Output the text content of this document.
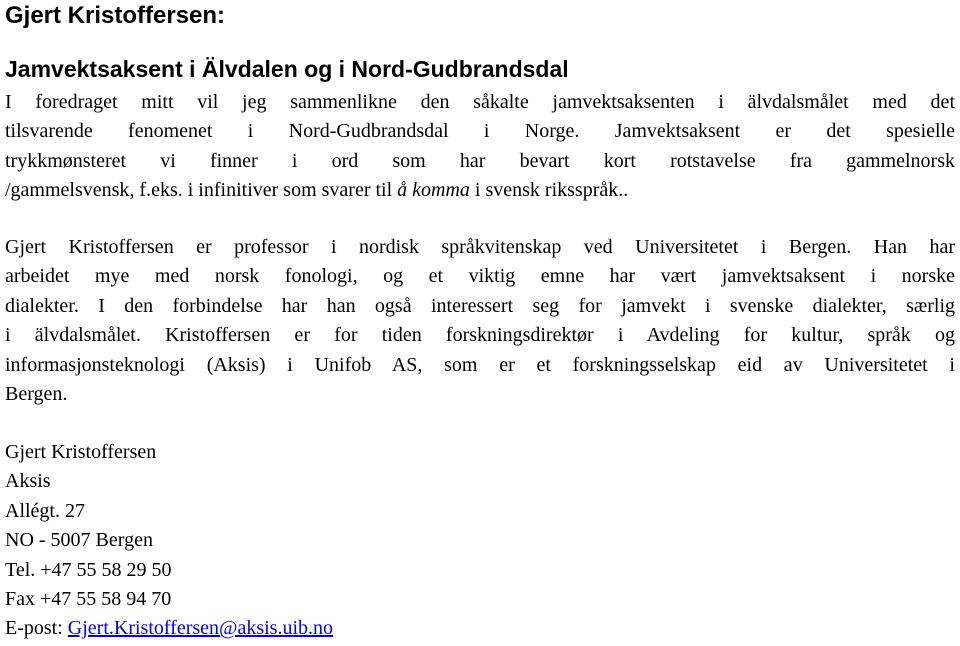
Gjert Kristoffersen:
Jamvektsaksent i Älvdalen og i Nord-Gudbrandsdal

I foredraget mitt vil jeg sammenlikne den såkalte jamvektsaksenten i älvdalsmålet med det
tilsvarende fenomenet i Nord-Gudbrandsdal i Norge. Jamvektsaksent er det spesielle
trykkmønsteret vi finner i ord som har bevart kort rotstavelse fra gammelnorsk
/gammelsvensk, f.eks. i infinitiver som svarer til å komma i svensk riksspråk..

Gjert Kristoffersen er professor i nordisk språkvitenskap ved Universitetet i Bergen. Han har
arbeidet mye med norsk fonologi, og et viktig emne har vært jamvektsaksent i norske
dialekter. I den forbindelse har han også interessert seg for jamvekt i svenske dialekter, særlig
i älvdalsmålet. Kristoffersen er for tiden forskningsdirektør i Avdeling for kultur, språk og
informasjonsteknologi (Aksis) i Unifob AS, som er et forskningsselskap eid av Universitetet i
Bergen.

Gjert Kristoffersen
Aksis
Allégt. 27
NO - 5007 Bergen
Tel. +47 55 58 29 50
Fax +47 55 58 94 70
E-post: Gjert.Kristoffersen@aksis.uib.no
